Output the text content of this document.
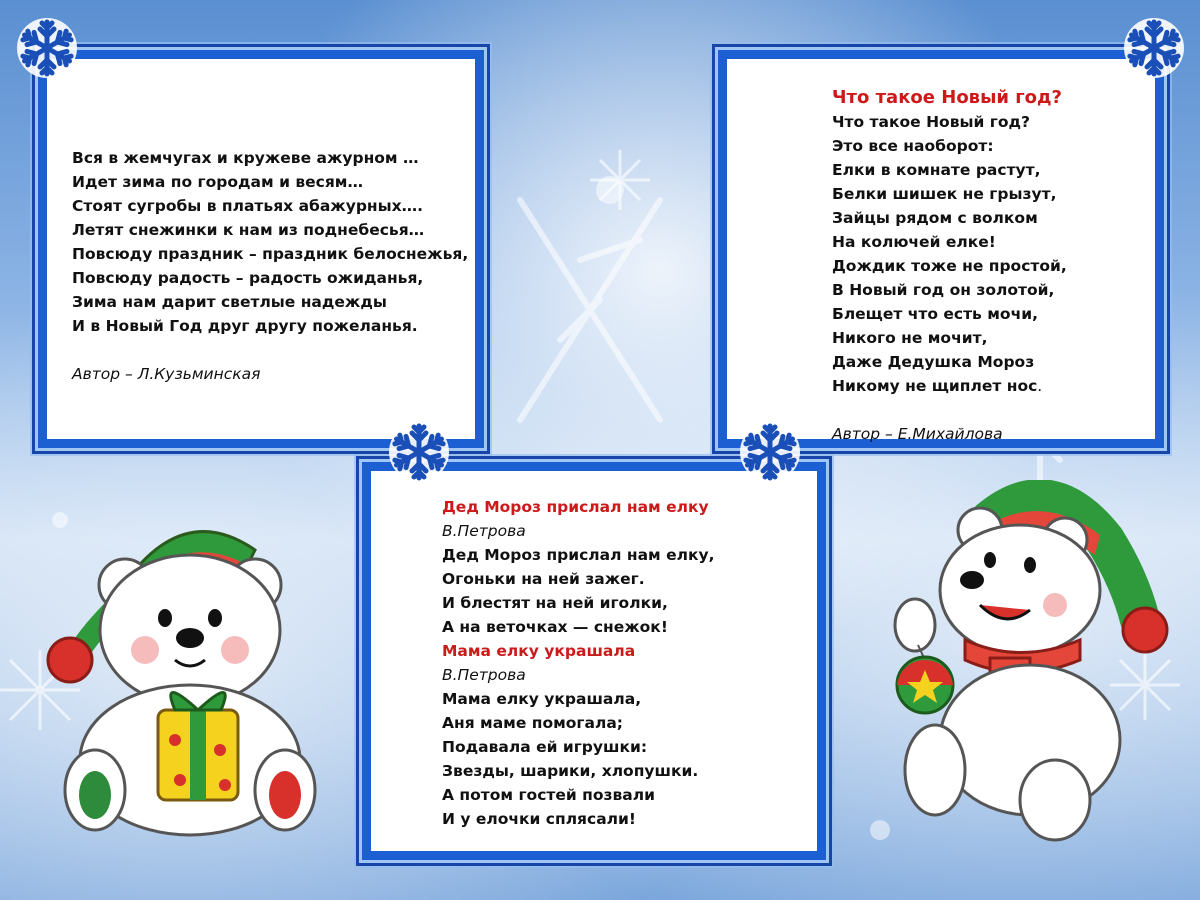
Вся в жемчугах и кружеве ажурном …
Идет зима по городам и весям…
Стоят сугробы в платьях абажурных….
Летят снежинки к нам из поднебесья…
Повсюду праздник – праздник белоснежья,
Повсюду радость – радость ожиданья,
Зима нам дарит светлые надежды
И в Новый Год друг другу пожеланья.
Автор – Л.Кузьминская
Что такое Новый год?
Что такое Новый год?
Это все наоборот:
Елки в комнате растут,
Белки шишек не грызут,
Зайцы рядом с волком
На колючей елке!
Дождик тоже не простой,
В Новый год он золотой,
Блещет что есть мочи,
Никого не мочит,
Даже Дедушка Мороз
Никому не щиплет нос.
Автор – Е.Михайлова
Дед Мороз прислал нам елку
В.Петрова
Дед Мороз прислал нам елку,
Огоньки на ней зажег.
И блестят на ней иголки,
А на веточках — снежок!
Мама елку украшала
В.Петрова
Мама елку украшала,
Аня маме помогала;
Подавала ей игрушки:
Звезды, шарики, хлопушки.
А потом гостей позвали
И у елочки сплясали!
